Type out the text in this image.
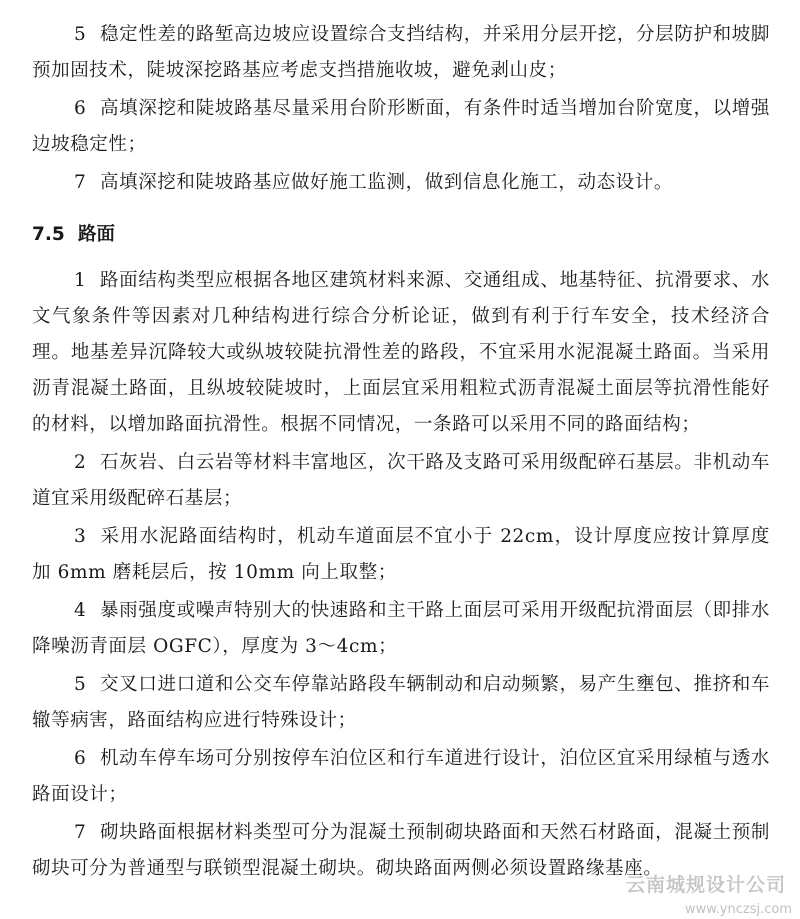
5 稳定性差的路堑高边坡应设置综合支挡结构，并采用分层开挖，分层防护和坡脚预加固技术，陡坡深挖路基应考虑支挡措施收坡，避免剥山皮；

6 高填深挖和陡坡路基尽量采用台阶形断面，有条件时适当增加台阶宽度，以增强边坡稳定性；

7 高填深挖和陡坡路基应做好施工监测，做到信息化施工，动态设计。

7.5 路面

1 路面结构类型应根据各地区建筑材料来源、交通组成、地基特征、抗滑要求、水文气象条件等因素对几种结构进行综合分析论证，做到有利于行车安全，技术经济合理。地基差异沉降较大或纵坡较陡抗滑性差的路段，不宜采用水泥混凝土路面。当采用沥青混凝土路面，且纵坡较陡坡时，上面层宜采用粗粒式沥青混凝土面层等抗滑性能好的材料，以增加路面抗滑性。根据不同情况，一条路可以采用不同的路面结构；

2 石灰岩、白云岩等材料丰富地区，次干路及支路可采用级配碎石基层。非机动车道宜采用级配碎石基层；

3 采用水泥路面结构时，机动车道面层不宜小于 22cm，设计厚度应按计算厚度加 6mm 磨耗层后，按 10mm 向上取整；

4 暴雨强度或噪声特别大的快速路和主干路上面层可采用开级配抗滑面层（即排水降噪沥青面层 OGFC），厚度为 3～4cm；

5 交叉口进口道和公交车停靠站路段车辆制动和启动频繁，易产生壅包、推挤和车辙等病害，路面结构应进行特殊设计；

6 机动车停车场可分别按停车泊位区和行车道进行设计，泊位区宜采用绿植与透水路面设计；

7 砌块路面根据材料类型可分为混凝土预制砌块路面和天然石材路面，混凝土预制砌块可分为普通型与联锁型混凝土砌块。砌块路面两侧必须设置路缘基座。

云南城规设计公司
www.ynczsj.com
